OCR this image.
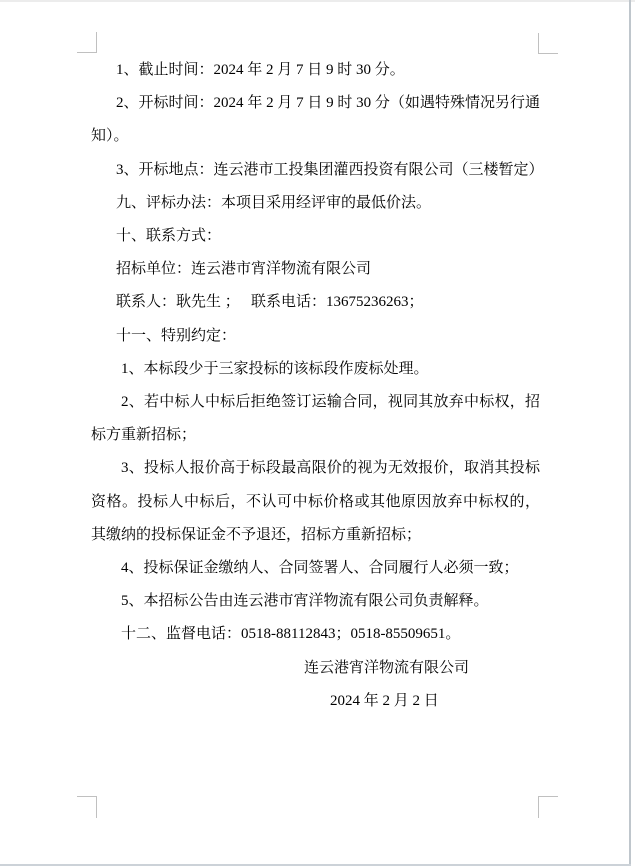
1、截止时间：2024 年 2 月 7 日 9 时 30 分。

2、开标时间：2024 年 2 月 7 日 9 时 30 分（如遇特殊情况另行通知）。

3、开标地点：连云港市工投集团灌西投资有限公司（三楼暂定）

九、评标办法：本项目采用经评审的最低价法。

十、联系方式：

招标单位：连云港市宵洋物流有限公司

联系人：耿先生 ；　 联系电话：13675236263；

十一、特别约定：

1、本标段少于三家投标的该标段作废标处理。

2、若中标人中标后拒绝签订运输合同，视同其放弃中标权，招标方重新招标；

3、投标人报价高于标段最高限价的视为无效报价，取消其投标资格。投标人中标后，不认可中标价格或其他原因放弃中标权的，其缴纳的投标保证金不予退还，招标方重新招标；

4、投标保证金缴纳人、合同签署人、合同履行人必须一致；

5、本招标公告由连云港市宵洋物流有限公司负责解释。

十二、监督电话：0518-88112843；0518-85509651。

连云港宵洋物流有限公司

2024 年 2 月 2 日
